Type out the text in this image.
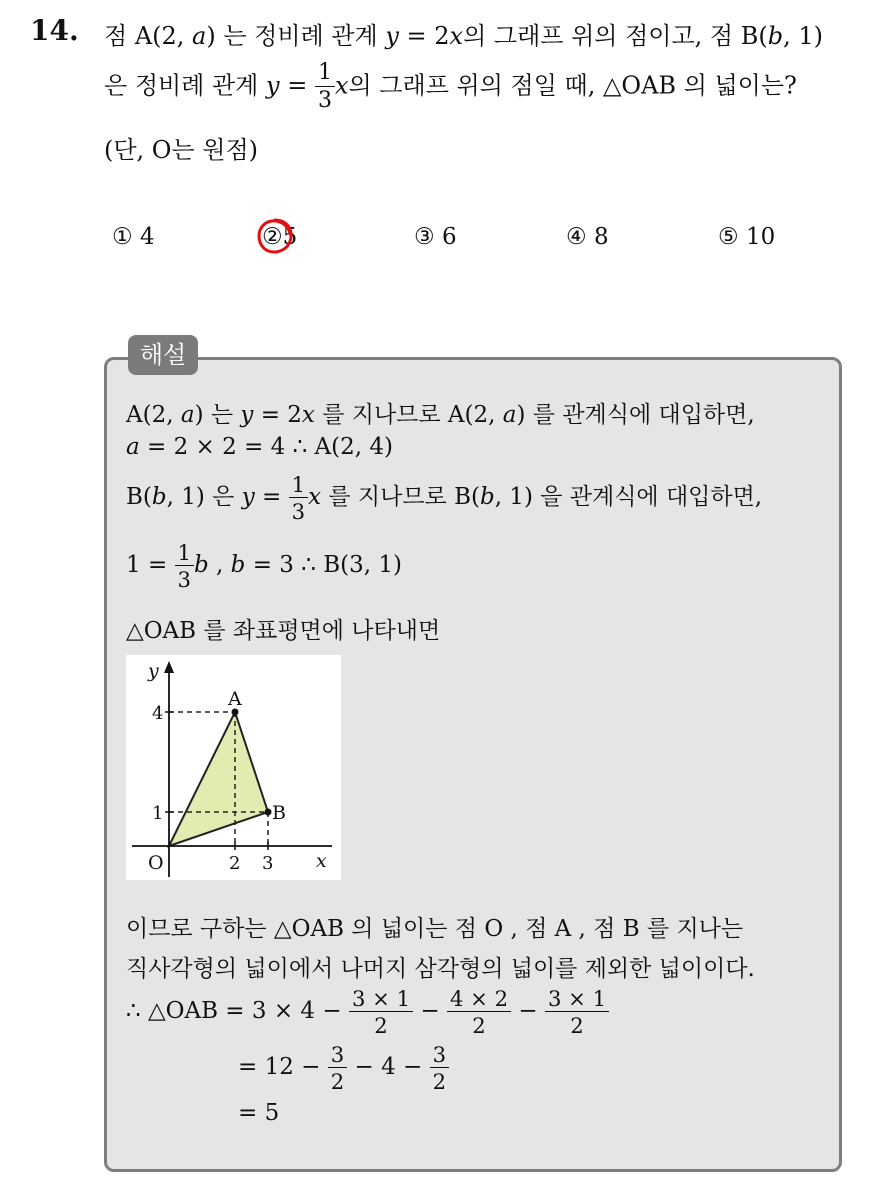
14. 점 A(2, a) 는 정비례 관계 y = 2x의 그래프 위의 점이고, 점 B(b, 1)
은 정비례 관계 $y = \frac{1}{3}$ x의 그래프 위의 점일 때, △OAB 의 넓이는?
(단, O는 원점)
① 4	②5	③ 6	④ 8	⑤ 10
해설
A(2, a) 는 y = 2x 를 지나므로 A(2, a) 를 관계식에 대입하면,
a = 2 × 2 = 4 ∴ A(2, 4)
B(b, 1) 은 $y = \frac{1}{3}$ x 를 지나므로 B(b, 1) 을 관계식에 대입하면,
$1 = \frac{1}{3}$ b , b = 3 ∴ B(3, 1)
△OAB 를 좌표평면에 나타내면
y
x
O
A
B
4
1
2 3
이므로 구하는 △OAB 의 넓이는 점 O , 점 A , 점 B 를 지나는
직사각형의 넓이에서 나머지 삼각형의 넓이를 제외한 넓이이다.
∴ △OAB = $3 \times 4 - \frac{3 \times 1}{2} - \frac{4 \times 2}{2} - \frac{3 \times 1}{2}$
= $12 - \frac{3}{2} - 4 - \frac{3}{2}$
= 5
